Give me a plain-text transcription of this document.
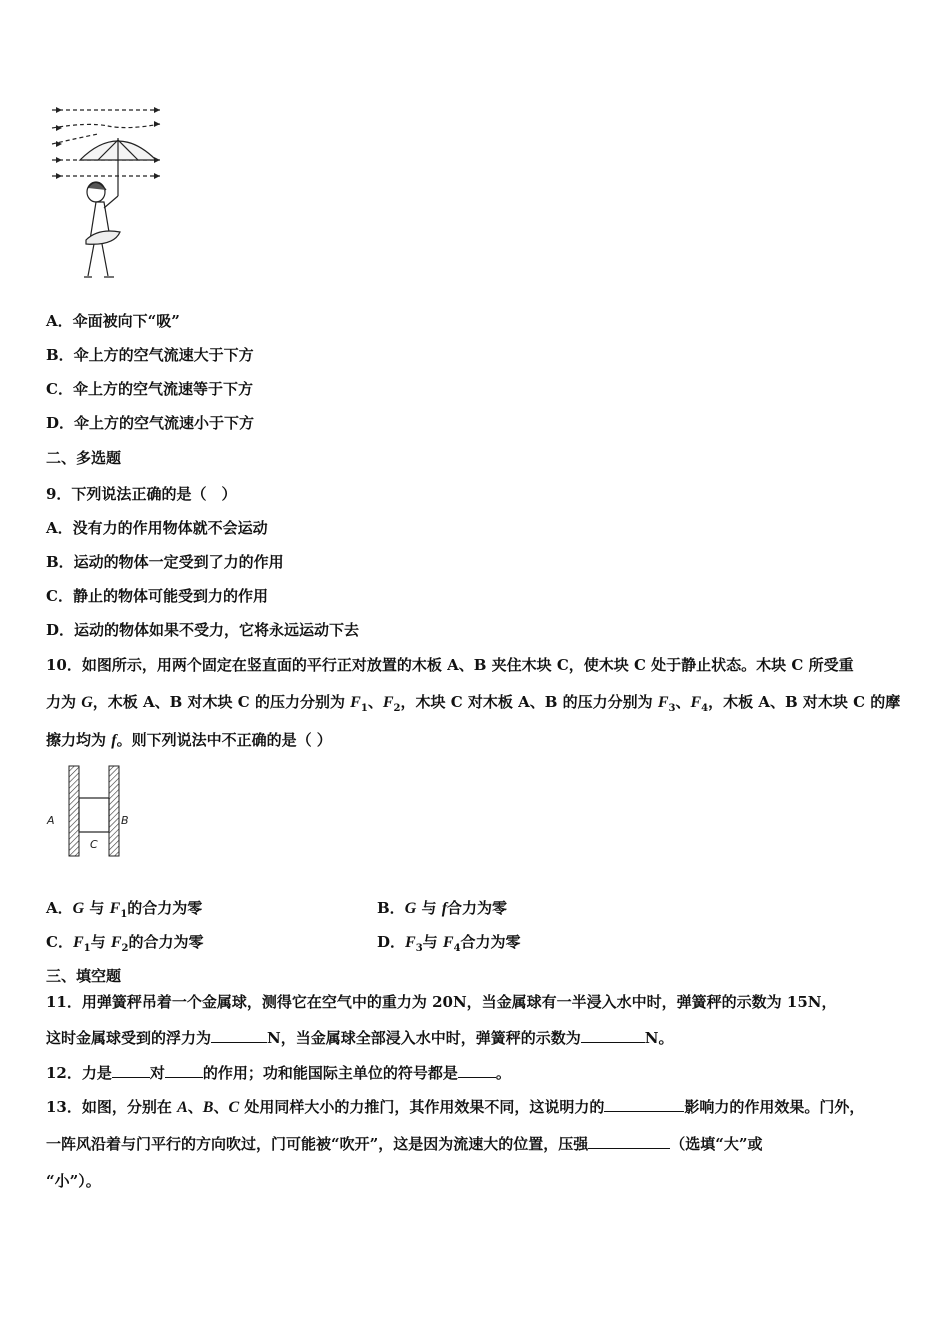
A．伞面被向下“吸”
B．伞上方的空气流速大于下方
C．伞上方的空气流速等于下方
D．伞上方的空气流速小于下方
二、多选题
9．下列说法正确的是（　）
A．没有力的作用物体就不会运动
B．运动的物体一定受到了力的作用
C．静止的物体可能受到力的作用
D．运动的物体如果不受力，它将永远运动下去
10．如图所示，用两个固定在竖直面的平行正对放置的木板 A、B 夹住木块 C，使木块 C 处于静止状态。木块 C 所受重
力为 G，木板 A、B 对木块 C 的压力分别为 $F_1$、$F_2$，木块 C 对木板 A、B 的压力分别为 $F_3$、$F_4$，木板 A、B 对木块 C 的摩
擦力均为 f。则下列说法中不正确的是（ ）
A	B
C
A．G 与 $F_1$的合力为零	B．G 与 f合力为零
C．$F_1$与 $F_2$的合力为零	D．$F_3$与 $F_4$合力为零
三、填空题
11．用弹簧秤吊着一个金属球，测得它在空气中的重力为 20N，当金属球有一半浸入水中时，弹簧秤的示数为 15N，
这时金属球受到的浮力为	N，当金属球全部浸入水中时，弹簧秤的示数为	N。
12．力是	对	的作用；功和能国际主单位的符号都是	。
13．如图，分别在 A、B、C 处用同样大小的力推门，其作用效果不同，这说明力的	影响力的作用效果。门外，
一阵风沿着与门平行的方向吹过，门可能被“吹开”，这是因为流速大的位置，压强	（选填“大”或
“小”）。
